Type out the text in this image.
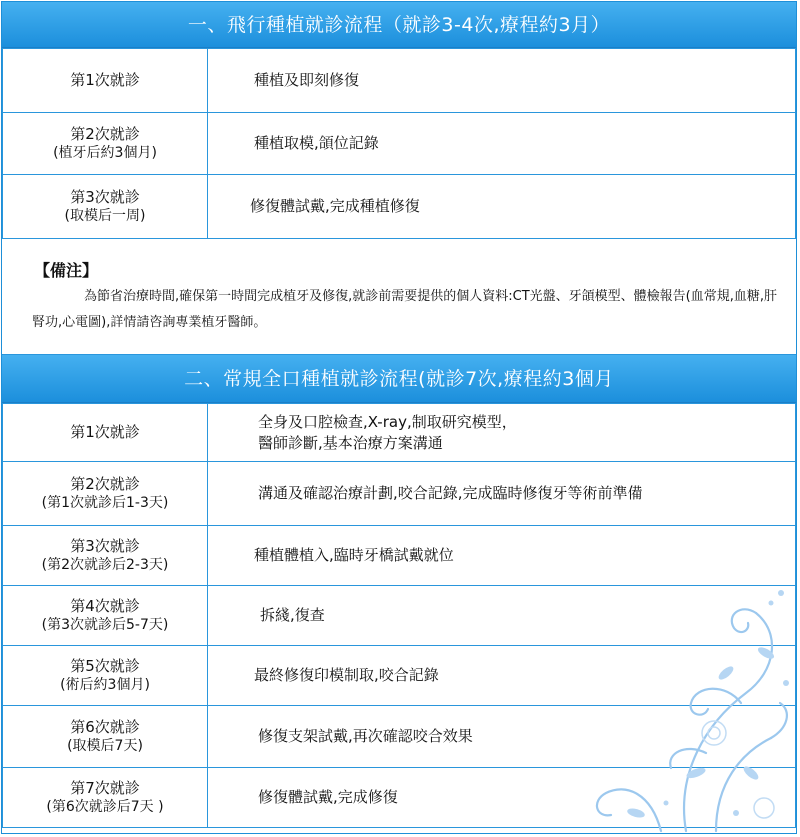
一、飛行種植就診流程（就診3-4次,療程約3月）
第1次就診	種植及即刻修復

第2次就診
(植牙后約3個月)	種植取模,頜位記錄

第3次就診
(取模后一周)	修復體試戴,完成種植修復
【備注】
為節省治療時間,確保第一時間完成植牙及修復,就診前需要提供的個人資料:CT光盤、牙頜模型、體檢報告(血常規,血糖,肝腎功,心電圖),詳情請咨詢專業植牙醫師。
二、常規全口種植就診流程(就診7次,療程約3個月
第1次就診	全身及口腔檢查,X-ray,制取研究模型，
醫師診斷,基本治療方案溝通

第2次就診
(第1次就診后1-3天)	溝通及確認治療計劃,咬合記錄,完成臨時修復牙等術前準備

第3次就診
(第2次就診后2-3天)	種植體植入,臨時牙橋試戴就位

第4次就診
(第3次就診后5-7天)	拆綫,復查

第5次就診
(術后約3個月)	最終修復印模制取,咬合記錄

第6次就診
(取模后7天)	修復支架試戴,再次確認咬合效果

第7次就診
(第6次就診后7天 )	修復體試戴,完成修復
